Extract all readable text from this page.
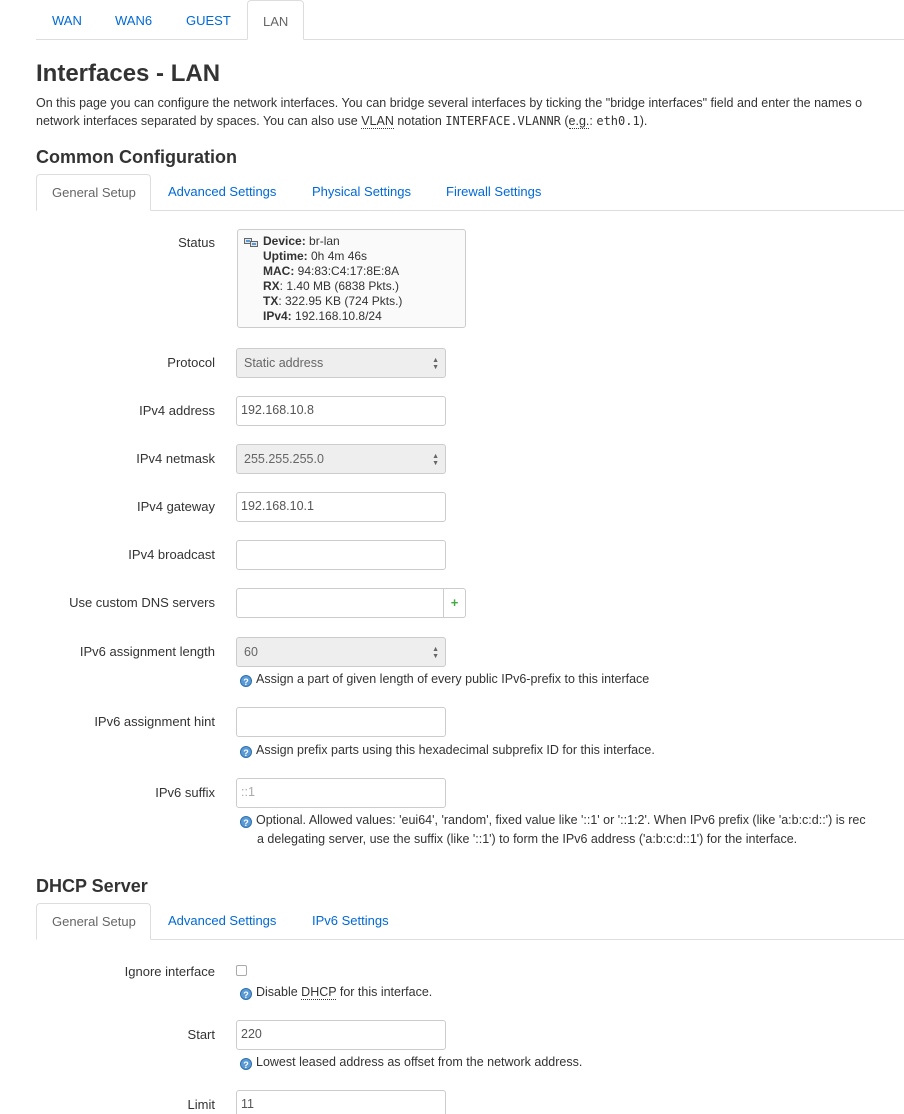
WAN	WAN6	GUEST	LAN
Interfaces - LAN
On this page you can configure the network interfaces. You can bridge several interfaces by ticking the "bridge interfaces" field and enter the names o
network interfaces separated by spaces. You can also use VLAN notation INTERFACE.VLANNR (e.g.: eth0.1).
Common Configuration
General Setup	Advanced Settings	Physical Settings	Firewall Settings
Status	Device: br-lan
Uptime: 0h 4m 46s
MAC: 94:83:C4:17:8E:8A
RX: 1.40 MB (6838 Pkts.)
TX: 322.95 KB (724 Pkts.)
IPv4: 192.168.10.8/24
Protocol	Static address	▲
▼
IPv4 address	192.168.10.8
IPv4 netmask	255.255.255.0	▲
▼
IPv4 gateway	192.168.10.1
IPv4 broadcast
Use custom DNS servers	+
IPv6 assignment length	60	▲
▼
? Assign a part of given length of every public IPv6-prefix to this interface
IPv6 assignment hint
? Assign prefix parts using this hexadecimal subprefix ID for this interface.
IPv6 suffix	::1
? Optional. Allowed values: 'eui64', 'random', fixed value like '::1' or '::1:2'. When IPv6 prefix (like 'a:b:c:d::') is rec
a delegating server, use the suffix (like '::1') to form the IPv6 address ('a:b:c:d::1') for the interface.
DHCP Server
General Setup	Advanced Settings	IPv6 Settings
Ignore interface
? Disable DHCP for this interface.
Start	220
? Lowest leased address as offset from the network address.
Limit	11
